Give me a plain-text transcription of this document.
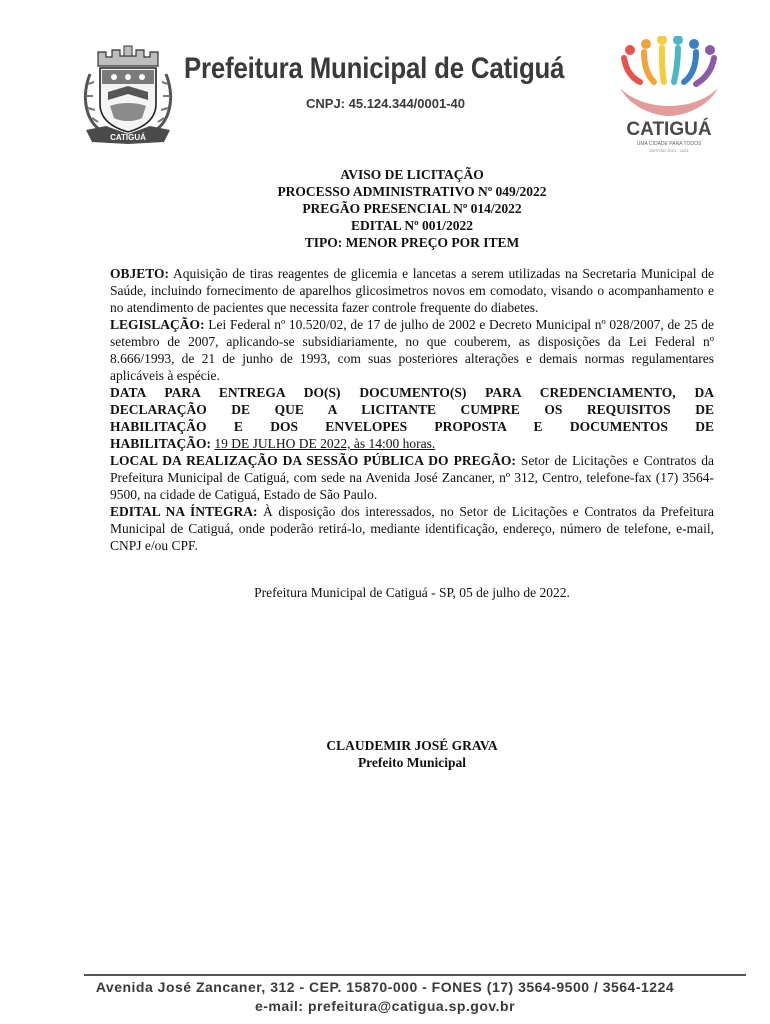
CATIGUÁ
Prefeitura Municipal de Catiguá
CNPJ: 45.124.344/0001-40
CATIGUÁ
UMA CIDADE PARA TODOS
GESTÃO 2021 - 2024
AVISO DE LICITAÇÃO
PROCESSO ADMINISTRATIVO Nº 049/2022
PREGÃO PRESENCIAL Nº 014/2022
EDITAL Nº 001/2022
TIPO: MENOR PREÇO POR ITEM

OBJETO: Aquisição de tiras reagentes de glicemia e lancetas a serem utilizadas na Secretaria Municipal de Saúde, incluindo fornecimento de aparelhos glicosimetros novos em comodato, visando o acompanhamento e no atendimento de pacientes que necessita fazer controle frequente do diabetes.

LEGISLAÇÃO: Lei Federal nº 10.520/02, de 17 de julho de 2002 e Decreto Municipal nº 028/2007, de 25 de setembro de 2007, aplicando-se subsidiariamente, no que couberem, as disposições da Lei Federal nº 8.666/1993, de 21 de junho de 1993, com suas posteriores alterações e demais normas regulamentares aplicáveis à espécie.

DATA PARA ENTREGA DO(S) DOCUMENTO(S) PARA CREDENCIAMENTO, DA
DECLARAÇÃO DE QUE A LICITANTE CUMPRE OS REQUISITOS DE
HABILITAÇÃO E DOS ENVELOPES PROPOSTA E DOCUMENTOS DE
HABILITAÇÃO: 19 DE JULHO DE 2022, às 14:00 horas.

LOCAL DA REALIZAÇÃO DA SESSÃO PÚBLICA DO PREGÃO: Setor de Licitações e Contratos da Prefeitura Municipal de Catiguá, com sede na Avenida José Zancaner, nº 312, Centro, telefone-fax (17) 3564-9500, na cidade de Catiguá, Estado de São Paulo.

EDITAL NA ÍNTEGRA: À disposição dos interessados, no Setor de Licitações e Contratos da Prefeitura Municipal de Catiguá, onde poderão retirá-lo, mediante identificação, endereço, número de telefone, e-mail, CNPJ e/ou CPF.

Prefeitura Municipal de Catiguá - SP, 05 de julho de 2022.
CLAUDEMIR JOSÉ GRAVA
Prefeito Municipal
Avenida José Zancaner, 312 - CEP. 15870-000 - FONES (17) 3564-9500 / 3564-1224
e-mail: prefeitura@catigua.sp.gov.br
